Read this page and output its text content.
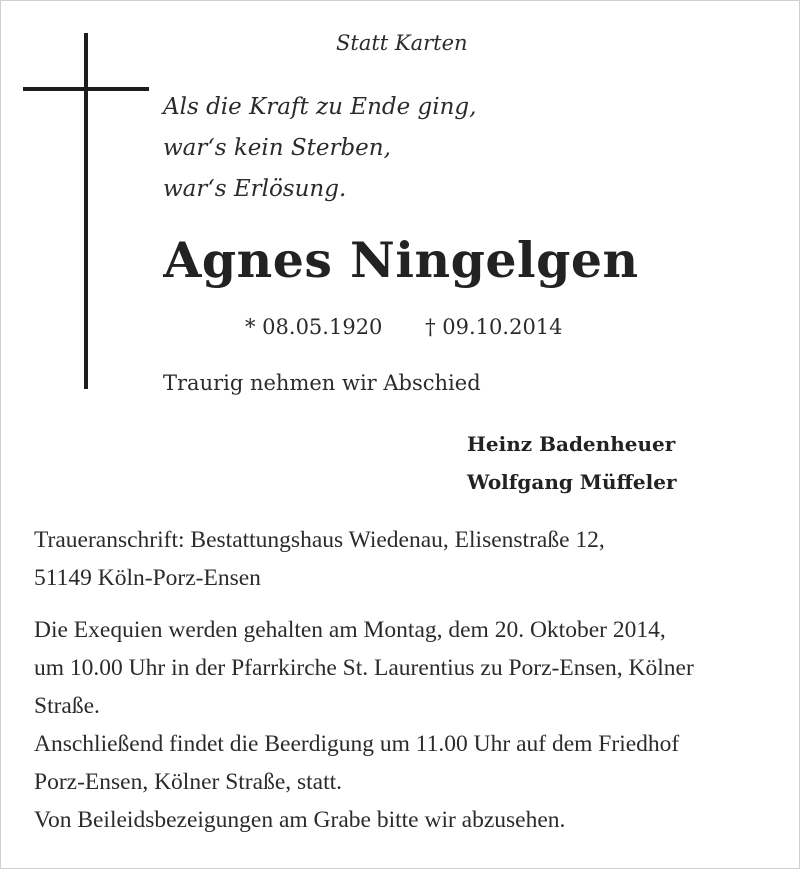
Statt Karten
Als die Kraft zu Ende ging,
war‘s kein Sterben,
war‘s Erlösung.
Agnes Ningelgen
* 08.05.1920 † 09.10.2014
Traurig nehmen wir Abschied
Heinz Badenheuer
Wolfgang Müffeler
Traueranschrift: Bestattungshaus Wiedenau, Elisenstraße 12,
51149 Köln-Porz-Ensen
Die Exequien werden gehalten am Montag, dem 20. Oktober 2014,
um 10.00 Uhr in der Pfarrkirche St. Laurentius zu Porz-Ensen, Kölner
Straße.
Anschließend findet die Beerdigung um 11.00 Uhr auf dem Friedhof
Porz-Ensen, Kölner Straße, statt.
Von Beileidsbezeigungen am Grabe bitte wir abzusehen.
